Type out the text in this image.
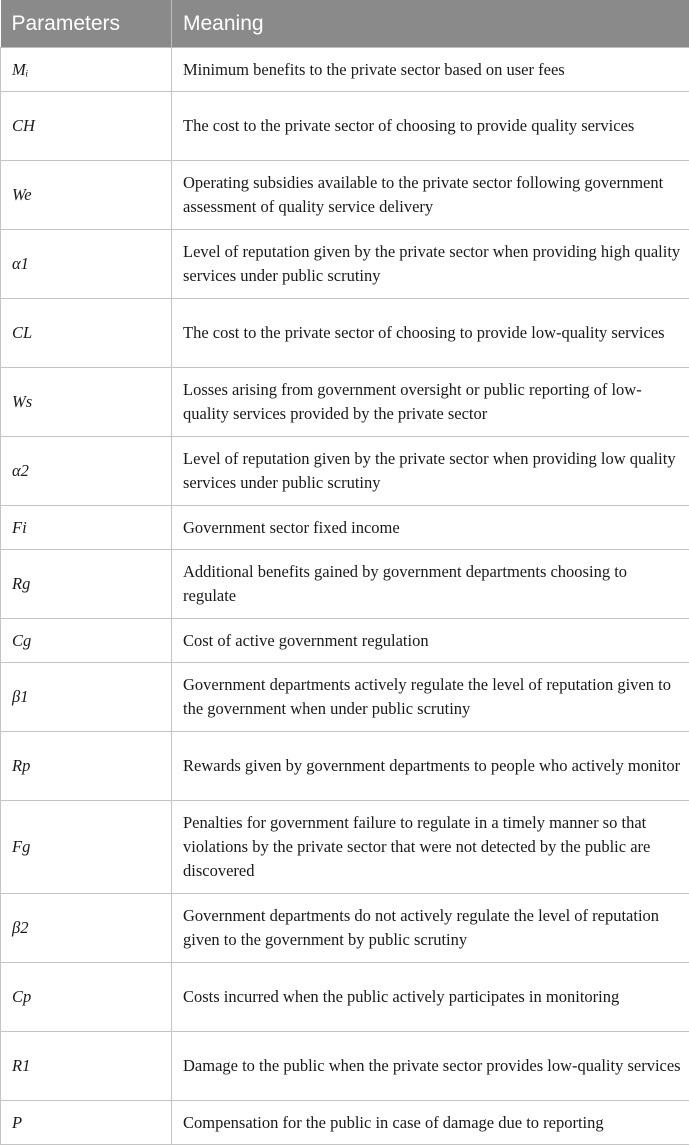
Parameters	Meaning
Mᵢ	Minimum benefits to the private sector based on user fees
CH	The cost to the private sector of choosing to provide quality services
We	Operating subsidies available to the private sector following government assessment of quality service delivery
α1	Level of reputation given by the private sector when providing high quality services under public scrutiny
CL	The cost to the private sector of choosing to provide low-quality services
Ws	Losses arising from government oversight or public reporting of low-quality services provided by the private sector
α2	Level of reputation given by the private sector when providing low quality services under public scrutiny
Fi	Government sector fixed income
Rg	Additional benefits gained by government departments choosing to regulate
Cg	Cost of active government regulation
β1	Government departments actively regulate the level of reputation given to the government when under public scrutiny
Rp	Rewards given by government departments to people who actively monitor
Fg	Penalties for government failure to regulate in a timely manner so that violations by the private sector that were not detected by the public are discovered
β2	Government departments do not actively regulate the level of reputation given to the government by public scrutiny
Cp	Costs incurred when the public actively participates in monitoring
R1	Damage to the public when the private sector provides low-quality services
P	Compensation for the public in case of damage due to reporting
